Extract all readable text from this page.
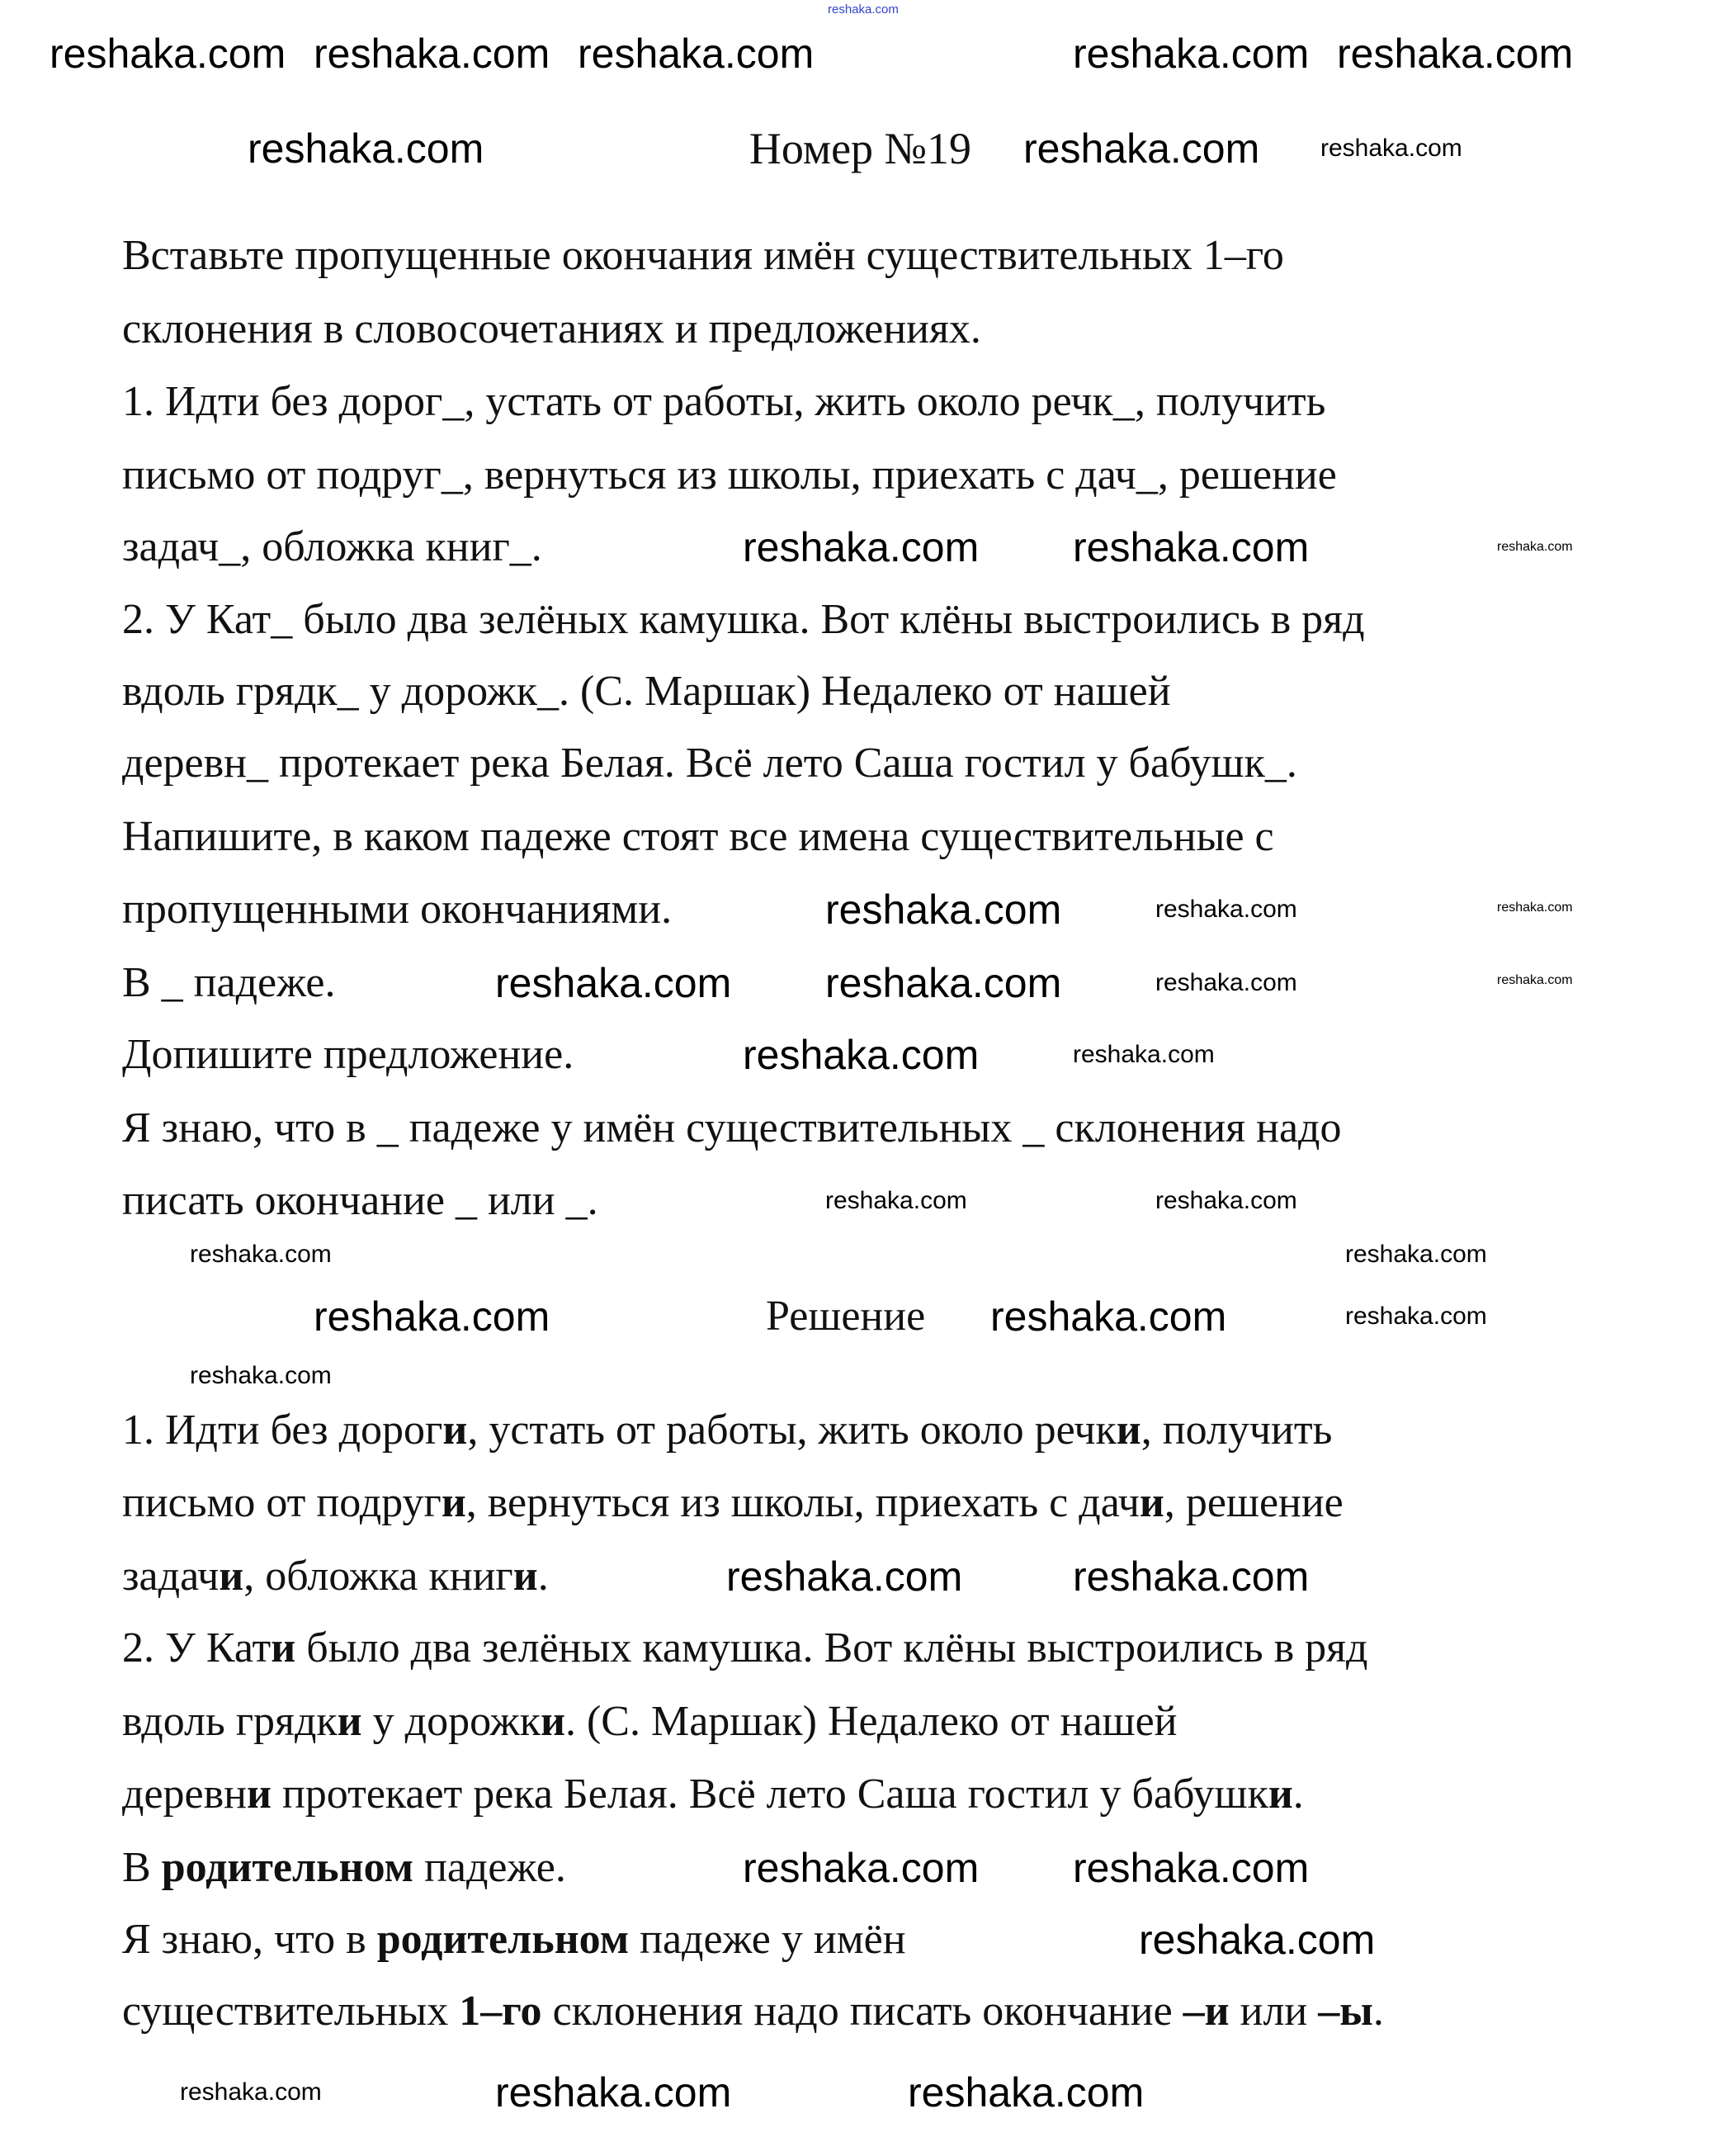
Номер №19
Вставьте пропущенные окончания имён существительных 1–го
склонения в словосочетаниях и предложениях.
1. Идти без дорог_, устать от работы, жить около речк_, получить
письмо от подруг_, вернуться из школы, приехать с дач_, решение
задач_, обложка книг_.
2. У Кат_ было два зелёных камушка. Вот клёны выстроились в ряд
вдоль грядк_ у дорожк_. (С. Маршак) Недалеко от нашей
деревн_ протекает река Белая. Всё лето Саша гостил у бабушк_.
Напишите, в каком падеже стоят все имена существительные с
пропущенными окончаниями.
В _ падеже.
Допишите предложение.
Я знаю, что в _ падеже у имён существительных _ склонения надо
писать окончание _ или _.
Решение
1. Идти без дороги, устать от работы, жить около речки, получить
письмо от подруги, вернуться из школы, приехать с дачи, решение
задачи, обложка книги.
2. У Кати было два зелёных камушка. Вот клёны выстроились в ряд
вдоль грядки у дорожки. (С. Маршак) Недалеко от нашей
деревни протекает река Белая. Всё лето Саша гостил у бабушки.
В родительном падеже.
Я знаю, что в родительном падеже у имён
существительных 1–го склонения надо писать окончание –и или –ы.
reshaka.com
reshaka.com reshaka.com reshaka.com	reshaka.com reshaka.com
reshaka.com	reshaka.com reshaka.com
reshaka.com reshaka.com	reshaka.com
reshaka.com	reshaka.com	reshaka.com
reshaka.com reshaka.com	reshaka.com	reshaka.com
reshaka.com	reshaka.com
reshaka.com	reshaka.com
reshaka.com	reshaka.com
reshaka.com	reshaka.com	reshaka.com
reshaka.com
reshaka.com	reshaka.com
reshaka.com reshaka.com
reshaka.com
reshaka.com	reshaka.com
reshaka.com
